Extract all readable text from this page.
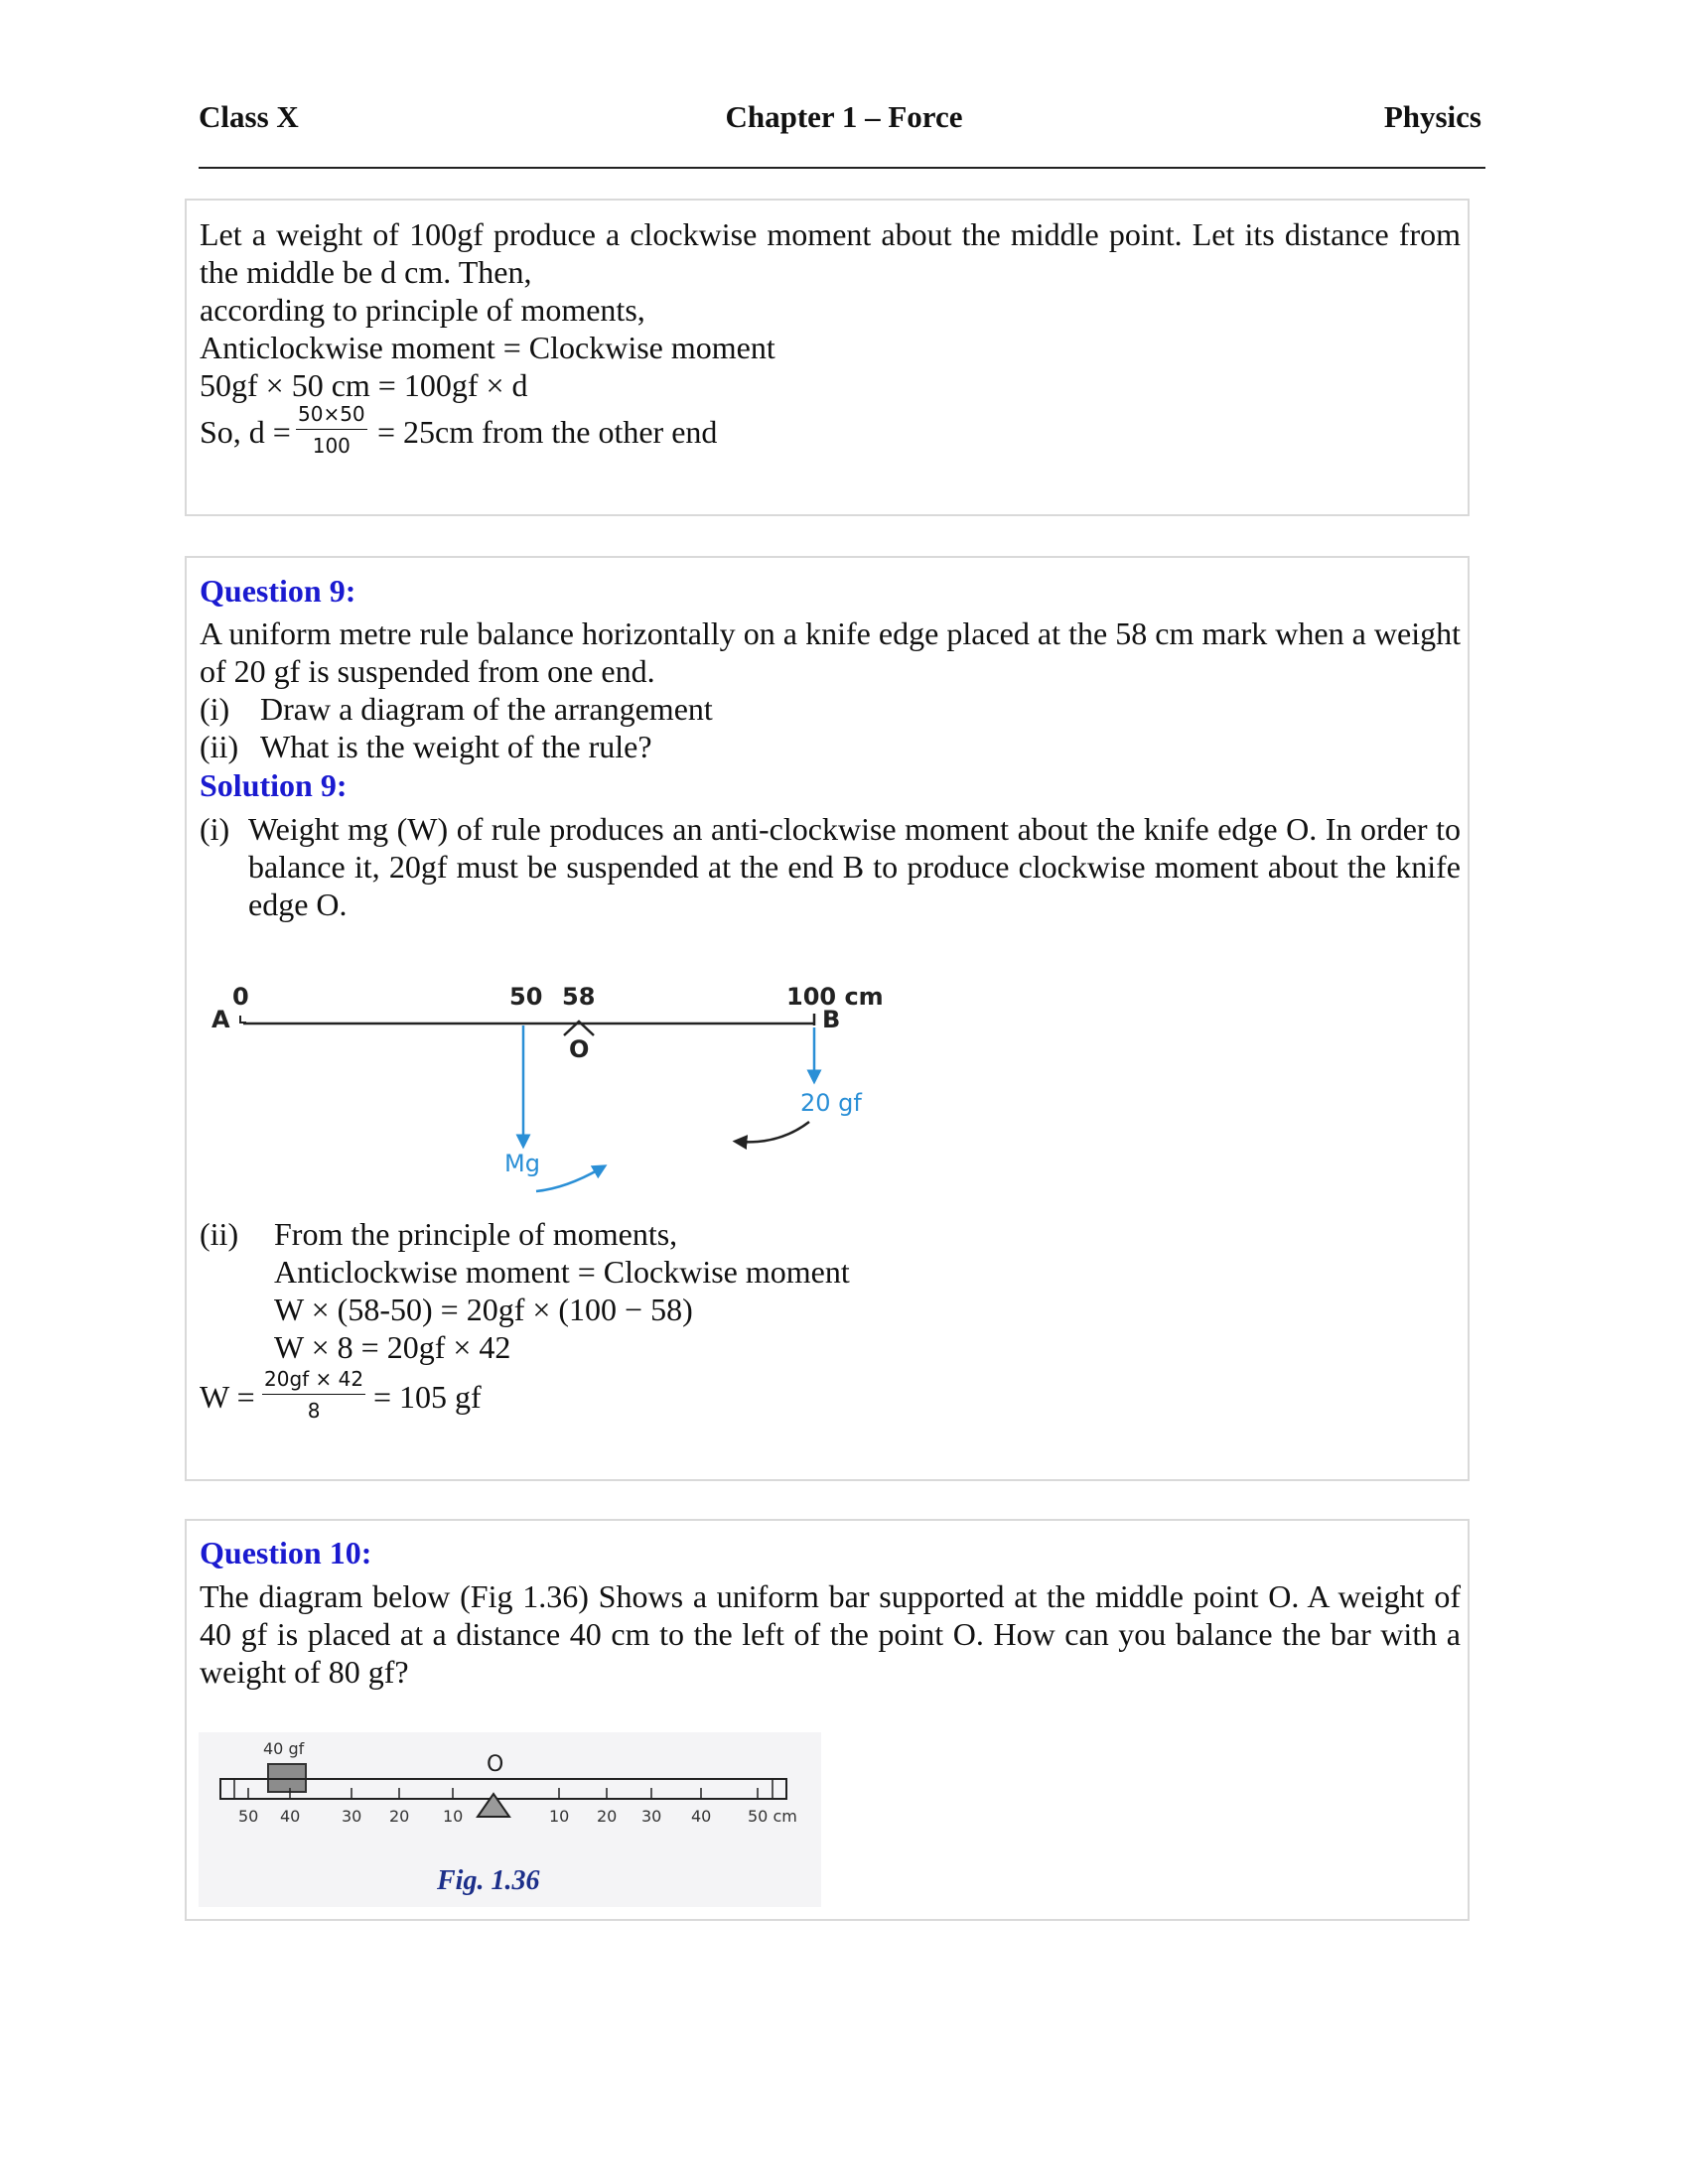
Class X	Chapter 1 – Force	Physics
Let a weight of 100gf produce a clockwise moment about the middle point. Let its distance from the middle be d cm. Then,
according to principle of moments,
Anticlockwise moment = Clockwise moment
50gf × 50 cm = 100gf × d
So, $d = \frac{50\times 50}{100} = 25cm$ from the other end
Question 9:
A uniform metre rule balance horizontally on a knife edge placed at the 58 cm mark when a weight of 20 gf is suspended from one end.
(i) Draw a diagram of the arrangement
(ii) What is the weight of the rule?
Solution 9:
(i) Weight mg (W) of rule produces an anti-clockwise moment about the knife edge O. In order to balance it, 20gf must be suspended at the end B to produce clockwise moment about the knife edge O.
0
A
50 58	100 cm
B
O
Mg
20 gf
(ii) From the principle of moments,
Anticlockwise moment = Clockwise moment
W × (58-50) = 20gf × (100 − 58)
W × 8 = 20gf × 42
$W = \frac{20gf \times 42}{8} = 105$ gf
Question 10:
The diagram below (Fig 1.36) Shows a uniform bar supported at the middle point O. A weight of 40 gf is placed at a distance 40 cm to the left of the point O. How can you balance the bar with a weight of 80 gf?
40 gf
O
50 40	30 20 10	10 20 30 40 50 cm
Fig. 1.36
